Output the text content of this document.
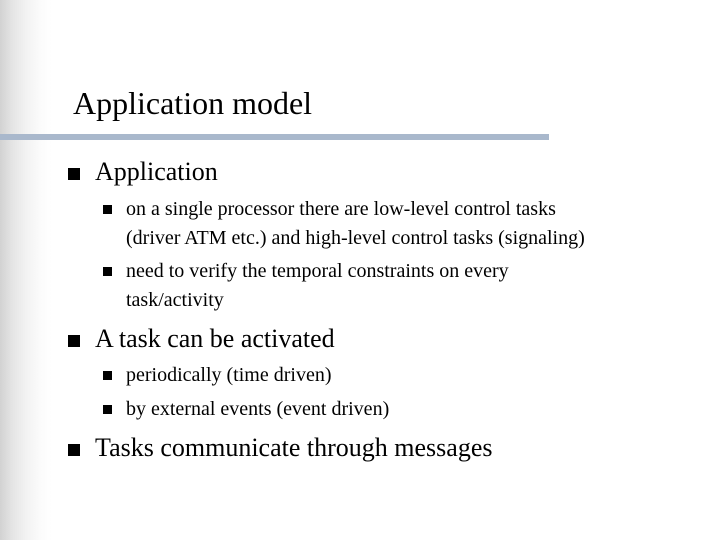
Application model
Application
on a single processor there are low-level control tasks
(driver ATM etc.) and high-level control tasks (signaling)
need to verify the temporal constraints on every
task/activity
A task can be activated
periodically (time driven)
by external events (event driven)
Tasks communicate through messages
